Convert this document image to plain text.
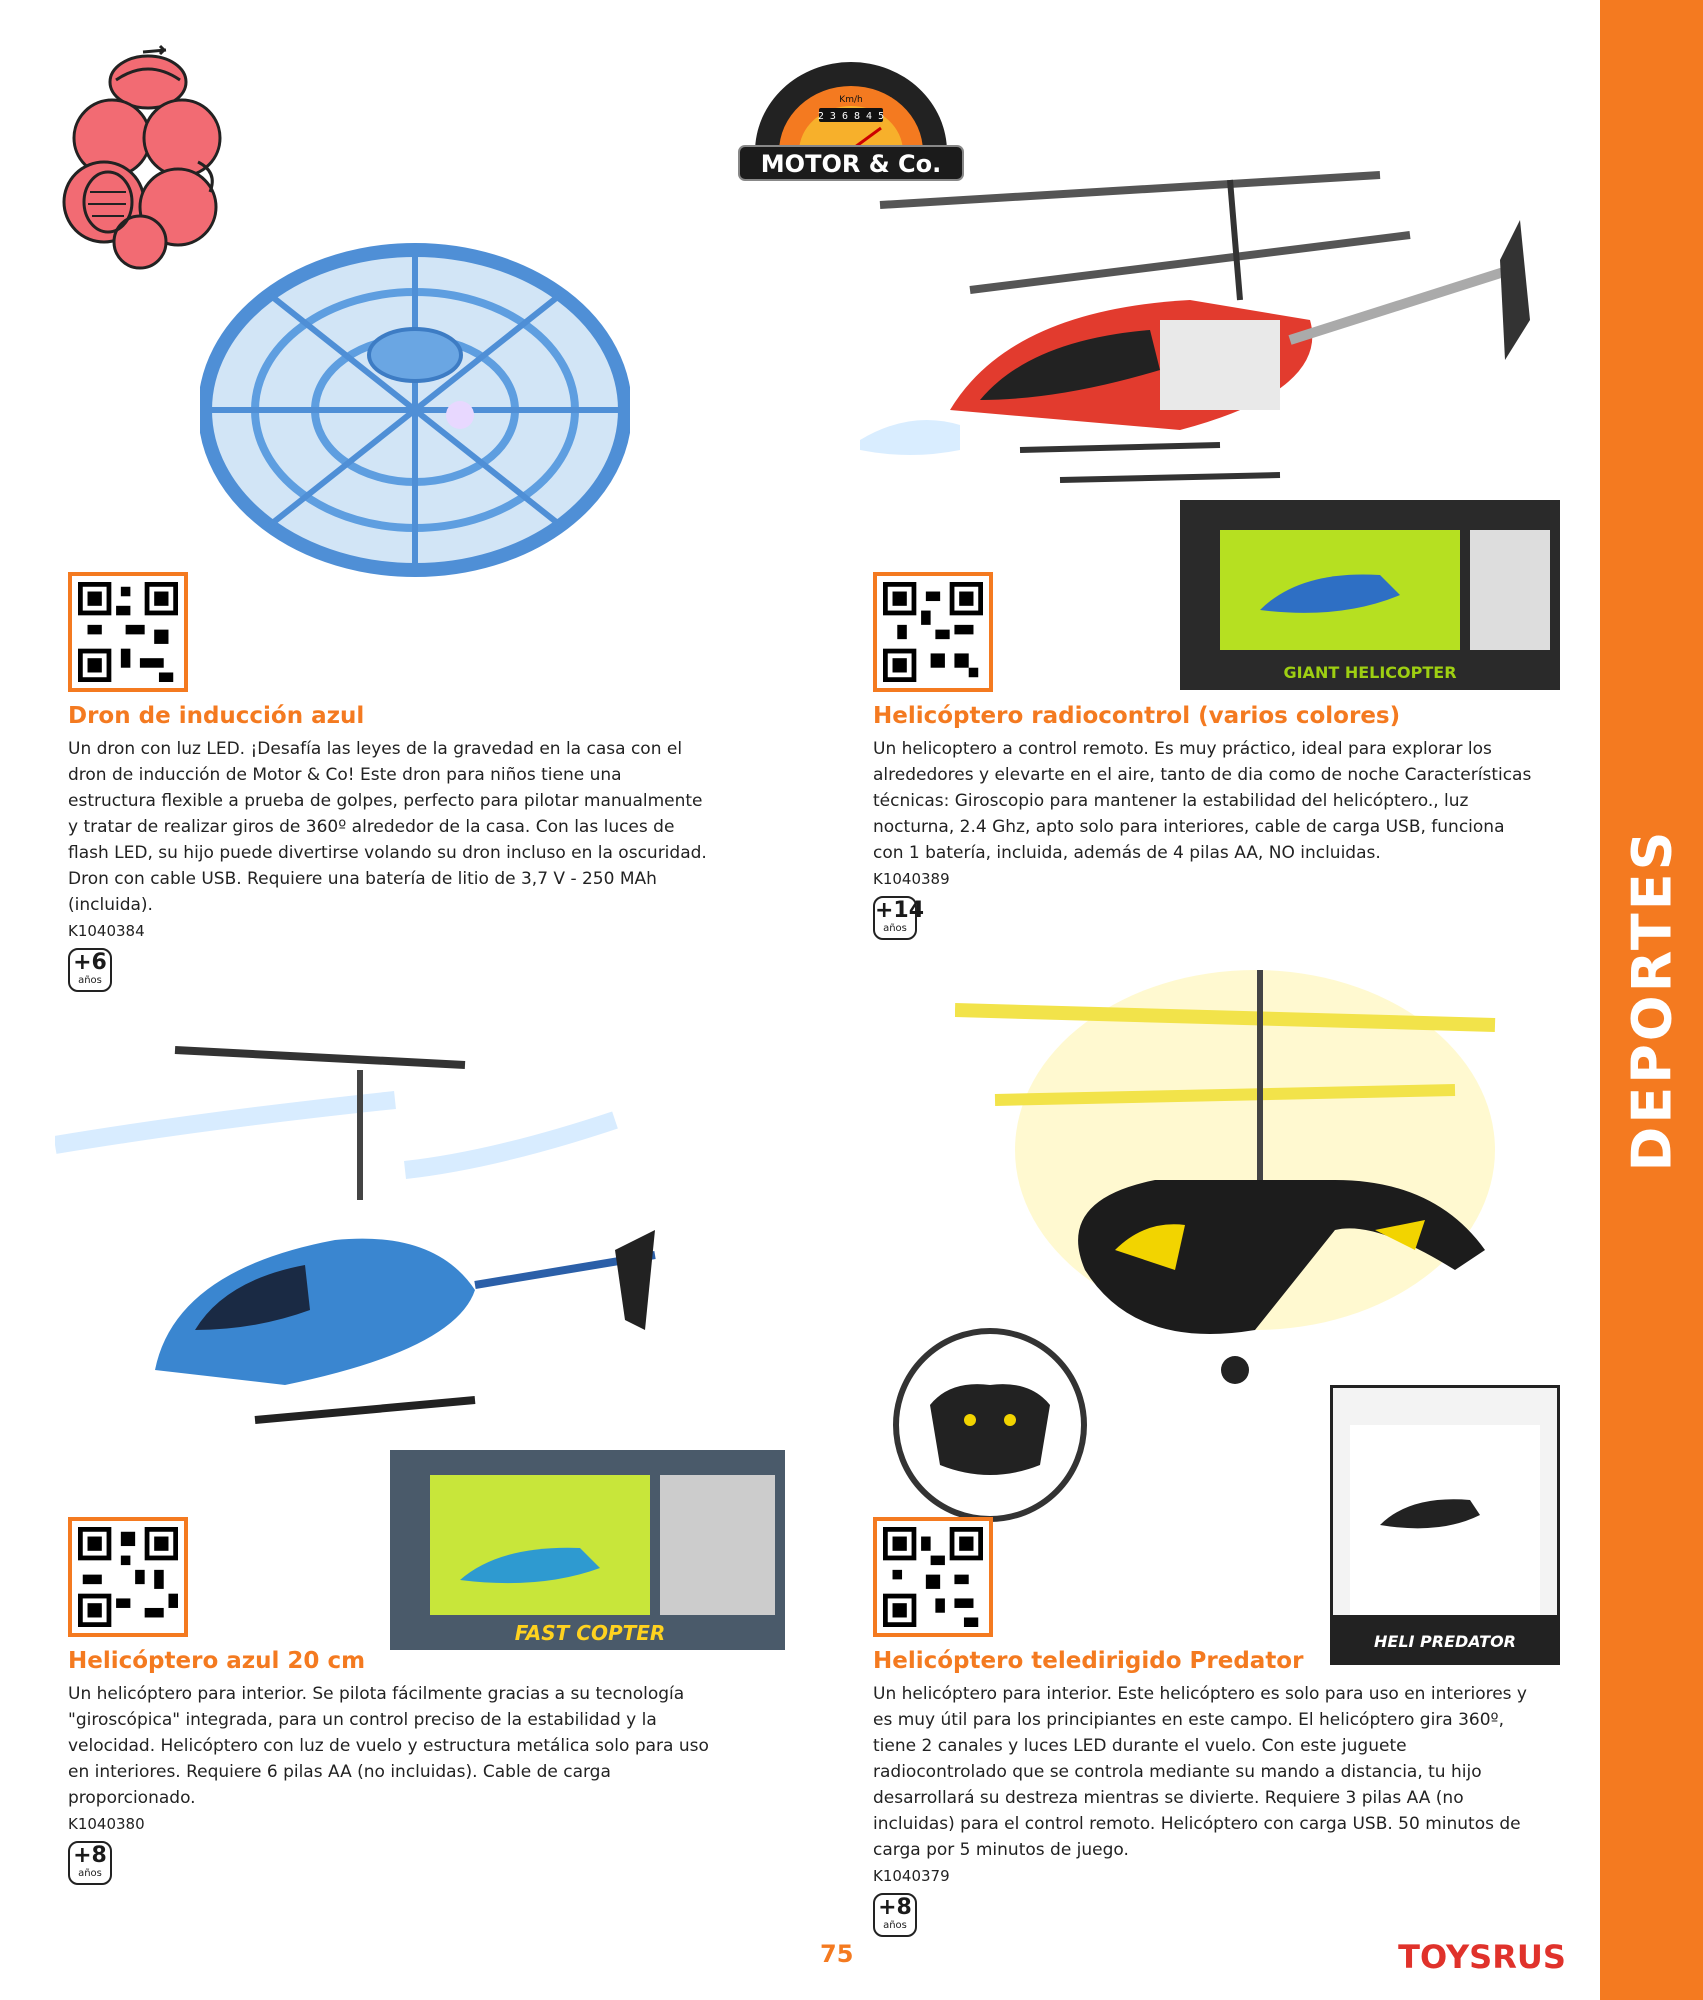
DEPORTES
Km/h
2 3 6 8 4 5
MOTOR & Co.
GIANT HELICOPTER
FAST COPTER	HELI PREDATOR
Dron de inducción azul

Un dron con luz LED. ¡Desafía las leyes de la gravedad en la casa con el dron de inducción de Motor & Co! Este dron para niños tiene una estructura flexible a prueba de golpes, perfecto para pilotar manualmente y tratar de realizar giros de 360º alrededor de la casa. Con las luces de flash LED, su hijo puede divertirse volando su dron incluso en la oscuridad. Dron con cable USB. Requiere una batería de litio de 3,7 V - 250 MAh (incluida).

K1040384

+6
años
Helicóptero radiocontrol (varios colores)

Un helicoptero a control remoto. Es muy práctico, ideal para explorar los alrededores y elevarte en el aire, tanto de dia como de noche Características técnicas: Giroscopio para mantener la estabilidad del helicóptero., luz nocturna, 2.4 Ghz, apto solo para interiores, cable de carga USB, funciona con 1 batería, incluida, además de 4 pilas AA, NO incluidas.

K1040389

+14
años
Helicóptero azul 20 cm

Un helicóptero para interior. Se pilota fácilmente gracias a su tecnología "giroscópica" integrada, para un control preciso de la estabilidad y la velocidad. Helicóptero con luz de vuelo y estructura metálica solo para uso en interiores. Requiere 6 pilas AA (no incluidas). Cable de carga proporcionado.

K1040380

+8
años
Helicóptero teledirigido Predator

Un helicóptero para interior. Este helicóptero es solo para uso en interiores y es muy útil para los principiantes en este campo. El helicóptero gira 360º, tiene 2 canales y luces LED durante el vuelo. Con este juguete radiocontrolado que se controla mediante su mando a distancia, tu hijo desarrollará su destreza mientras se divierte. Requiere 3 pilas AA (no incluidas) para el control remoto. Helicóptero con carga USB. 50 minutos de carga por 5 minutos de juego.

K1040379

+8
años
75	TOYSRUS
